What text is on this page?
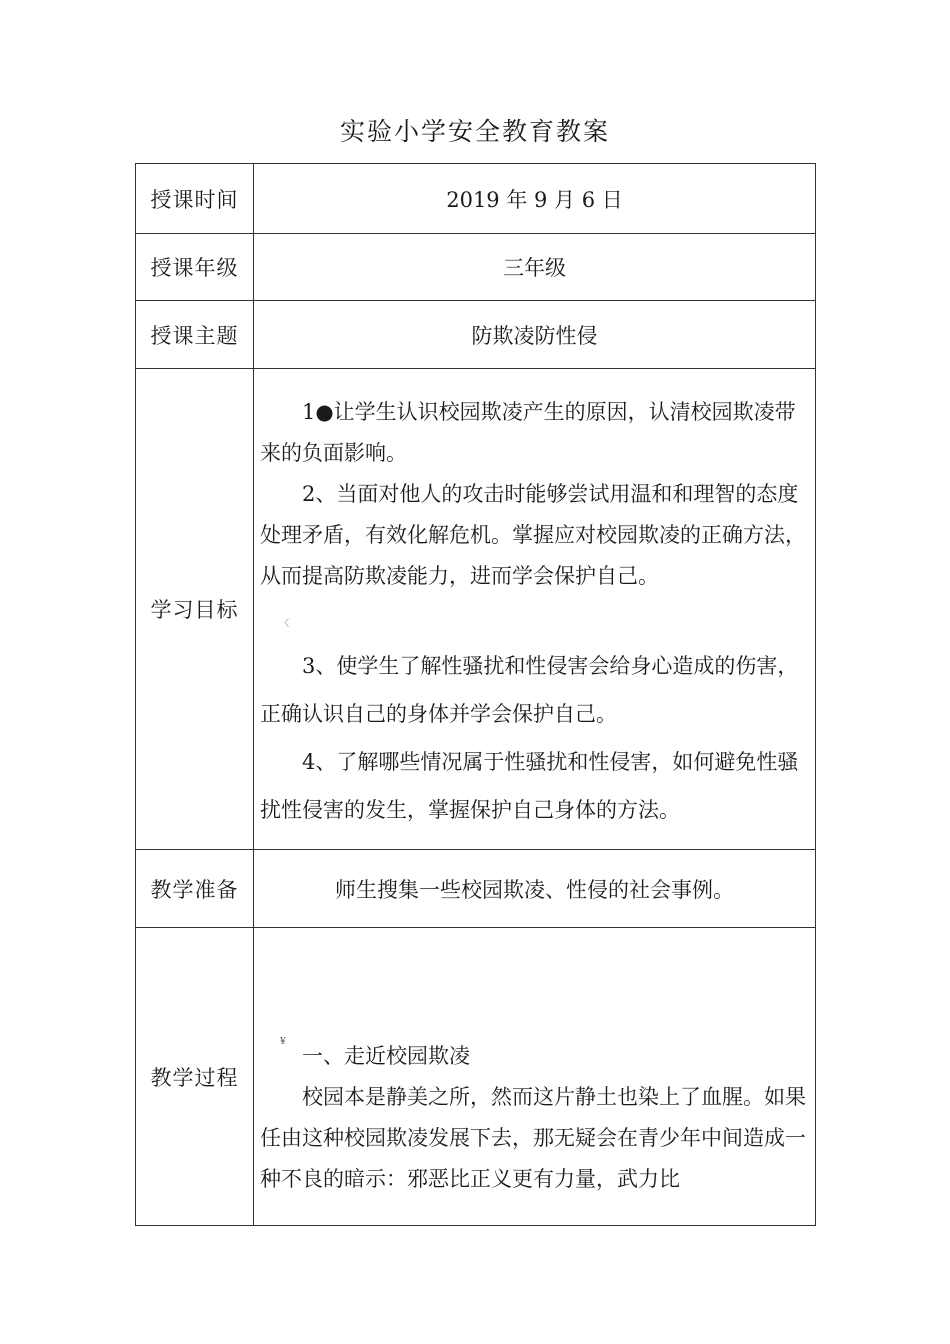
实验小学安全教育教案
授课时间	2019 年 9 月 6 日
授课年级	三年级
授课主题	防欺凌防性侵
学习目标	1●让学生认识校园欺凌产生的原因，认清校园欺凌带来的负面影响。

2、当面对他人的攻击时能够尝试用温和和理智的态度处理矛盾，有效化解危机。掌握应对校园欺凌的正确方法，从而提高防欺凌能力，进而学会保护自己。

〈

3、使学生了解性骚扰和性侵害会给身心造成的伤害，正确认识自己的身体并学会保护自己。

4、了解哪些情况属于性骚扰和性侵害，如何避免性骚扰性侵害的发生，掌握保护自己身体的方法。

教学准备	师生搜集一些校园欺凌、性侵的社会事例。
教学过程	¥

一、走近校园欺凌

校园本是静美之所，然而这片静土也染上了血腥。如果任由这种校园欺凌发展下去，那无疑会在青少年中间造成一种不良的暗示：邪恶比正义更有力量，武力比
